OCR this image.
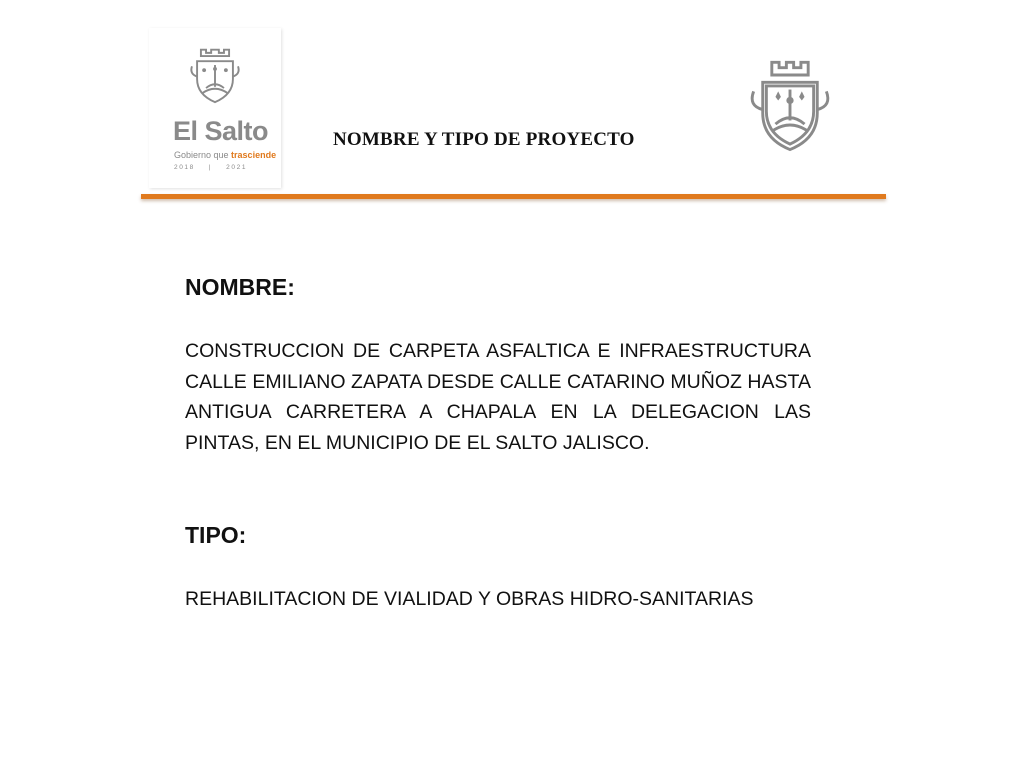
El Salto
Gobierno que trasciende
2018 | 2021
NOMBRE Y TIPO DE PROYECTO
NOMBRE:
CONSTRUCCION DE CARPETA ASFALTICA E INFRAESTRUCTURA CALLE EMILIANO ZAPATA DESDE CALLE CATARINO MUÑOZ HASTA ANTIGUA CARRETERA A CHAPALA EN LA DELEGACION LAS PINTAS, EN EL MUNICIPIO DE EL SALTO JALISCO.
TIPO:
REHABILITACION DE VIALIDAD Y OBRAS HIDRO-SANITARIAS
